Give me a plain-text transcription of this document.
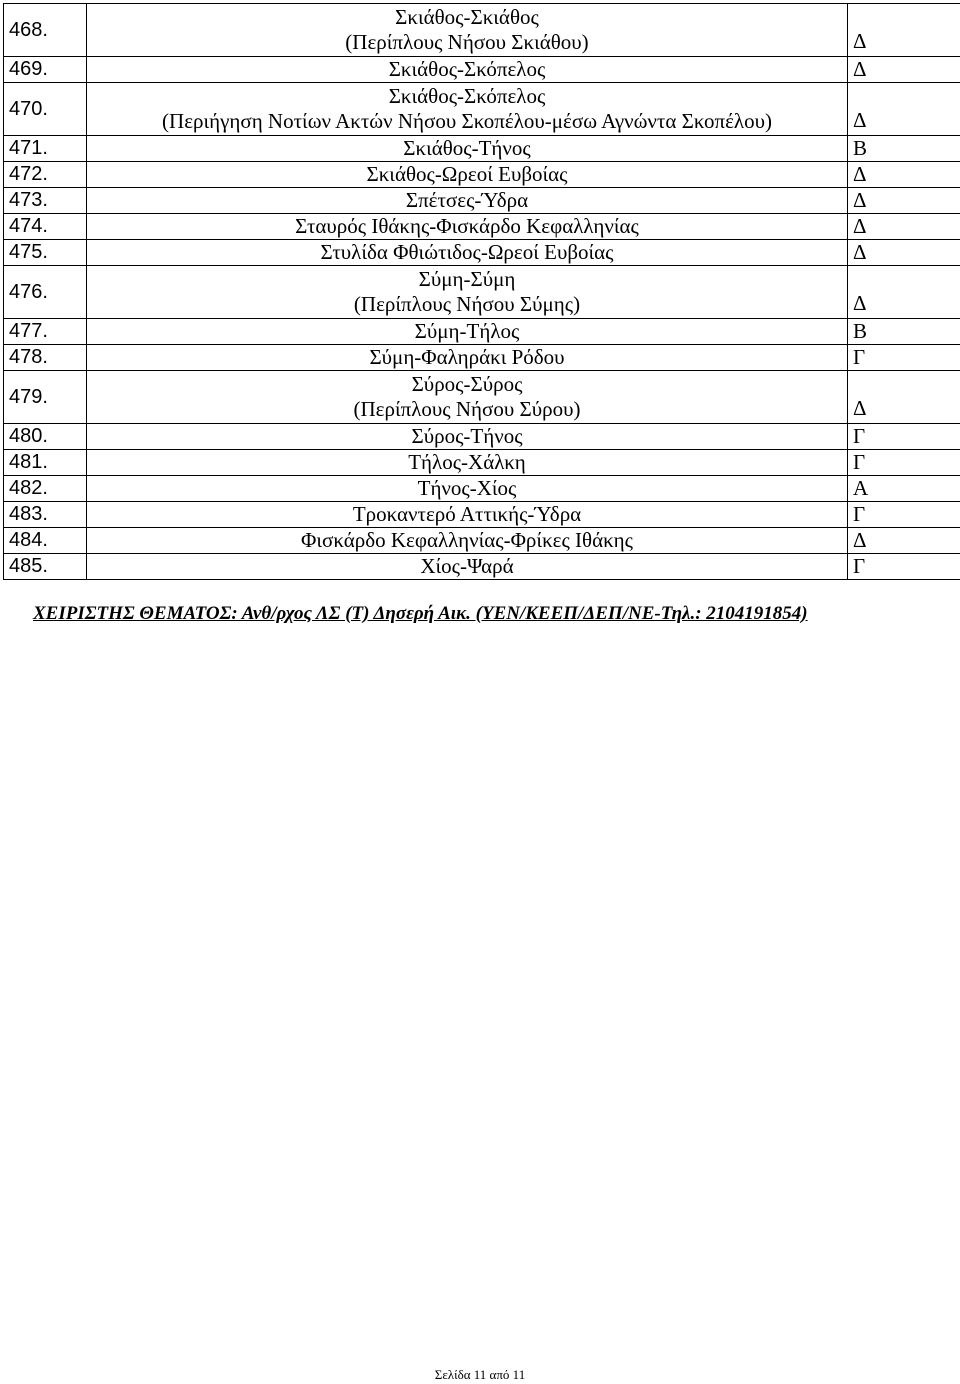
468.	Σκιάθος-Σκιάθος
(Περίπλους Νήσου Σκιάθου)	Δ
469.	Σκιάθος-Σκόπελος	Δ
470.	Σκιάθος-Σκόπελος
(Περιήγηση Νοτίων Ακτών Νήσου Σκοπέλου-μέσω Αγνώντα Σκοπέλου)	Δ
471.	Σκιάθος-Τήνος	Β
472.	Σκιάθος-Ωρεοί Ευβοίας	Δ
473.	Σπέτσες-Ύδρα	Δ
474.	Σταυρός Ιθάκης-Φισκάρδο Κεφαλληνίας	Δ
475.	Στυλίδα Φθιώτιδος-Ωρεοί Ευβοίας	Δ
476.	Σύμη-Σύμη
(Περίπλους Νήσου Σύμης)	Δ
477.	Σύμη-Τήλος	Β
478.	Σύμη-Φαληράκι Ρόδου	Γ
479.	Σύρος-Σύρος
(Περίπλους Νήσου Σύρου)	Δ
480.	Σύρος-Τήνος	Γ
481.	Τήλος-Χάλκη	Γ
482.	Τήνος-Χίος	Α
483.	Τροκαντερό Αττικής-Ύδρα	Γ
484.	Φισκάρδο Κεφαλληνίας-Φρίκες Ιθάκης	Δ
485.	Χίος-Ψαρά	Γ
ΧΕΙΡΙΣΤΗΣ ΘΕΜΑΤΟΣ: Ανθ/ρχος ΛΣ (Τ) Δησερή Αικ. (ΥΕΝ/ΚΕΕΠ/ΔΕΠ/ΝΕ-Τηλ.: 2104191854)
Σελίδα 11 από 11
